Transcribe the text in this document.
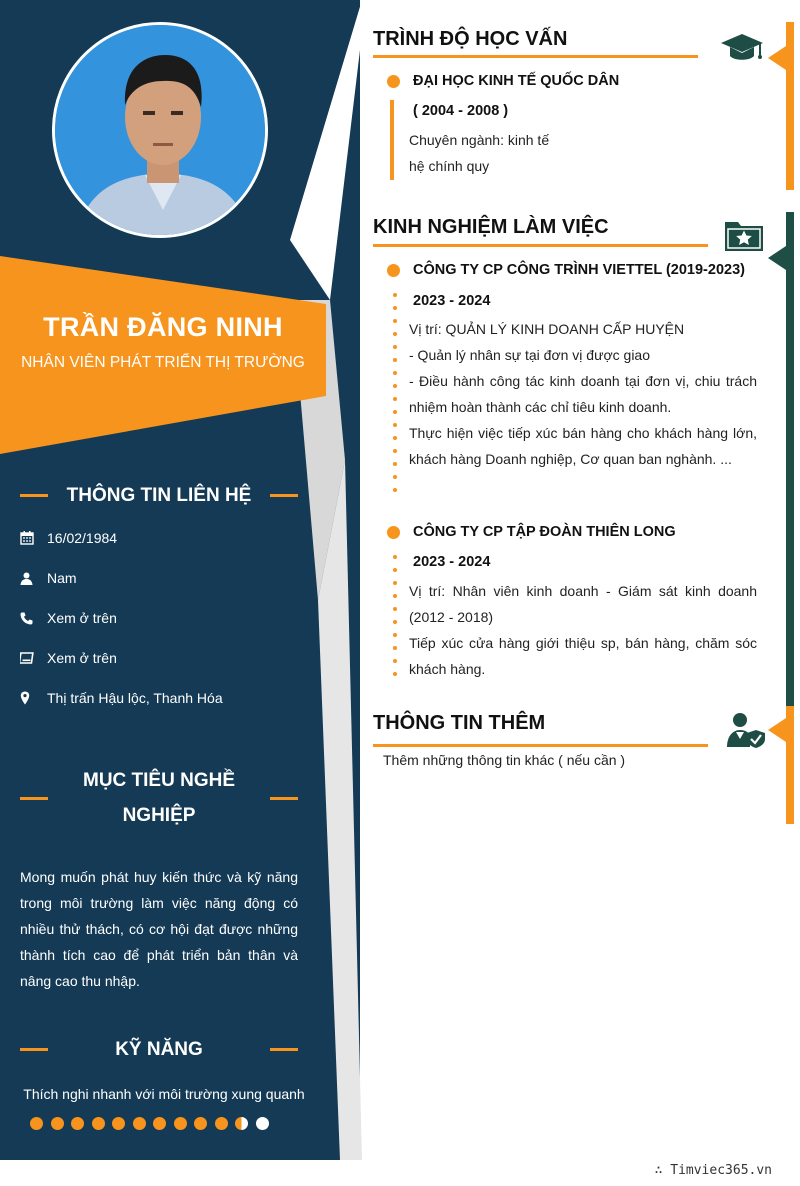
TRẦN ĐĂNG NINH
NHÂN VIÊN PHÁT TRIỂN THỊ TRƯỜNG
THÔNG TIN LIÊN HỆ
16/02/1984
Nam
Xem ở trên
Xem ở trên
Thị trấn Hậu lộc, Thanh Hóa
MỤC TIÊU NGHỀ
NGHIỆP
Mong muốn phát huy kiến thức và kỹ năng trong môi trường làm việc năng động có nhiều thử thách, có cơ hội đạt được những thành tích cao để phát triển bản thân và nâng cao thu nhập.
KỸ NĂNG
Thích nghi nhanh với môi trường xung quanh
TRÌNH ĐỘ HỌC VẤN
ĐẠI HỌC KINH TẾ QUỐC DÂN
( 2004 - 2008 )
Chuyên ngành: kinh tế
hệ chính quy
KINH NGHIỆM LÀM VIỆC
CÔNG TY CP CÔNG TRÌNH VIETTEL (2019-2023)
2023 - 2024
Vị trí: QUẢN LÝ KINH DOANH CẤP HUYỆN
- Quản lý nhân sự tại đơn vị được giao
- Điều hành công tác kinh doanh tại đơn vị, chiu trách nhiệm hoàn thành các chỉ tiêu kinh doanh.
Thực hiện việc tiếp xúc bán hàng cho khách hàng lớn, khách hàng Doanh nghiệp, Cơ quan ban nghành. ...
CÔNG TY CP TẬP ĐOÀN THIÊN LONG
2023 - 2024
Vị trí: Nhân viên kinh doanh - Giám sát kinh doanh (2012 - 2018)
Tiếp xúc cửa hàng giới thiệu sp, bán hàng, chăm sóc khách hàng.
THÔNG TIN THÊM
Thêm những thông tin khác ( nếu cần )
∴ Timviec365.vn
